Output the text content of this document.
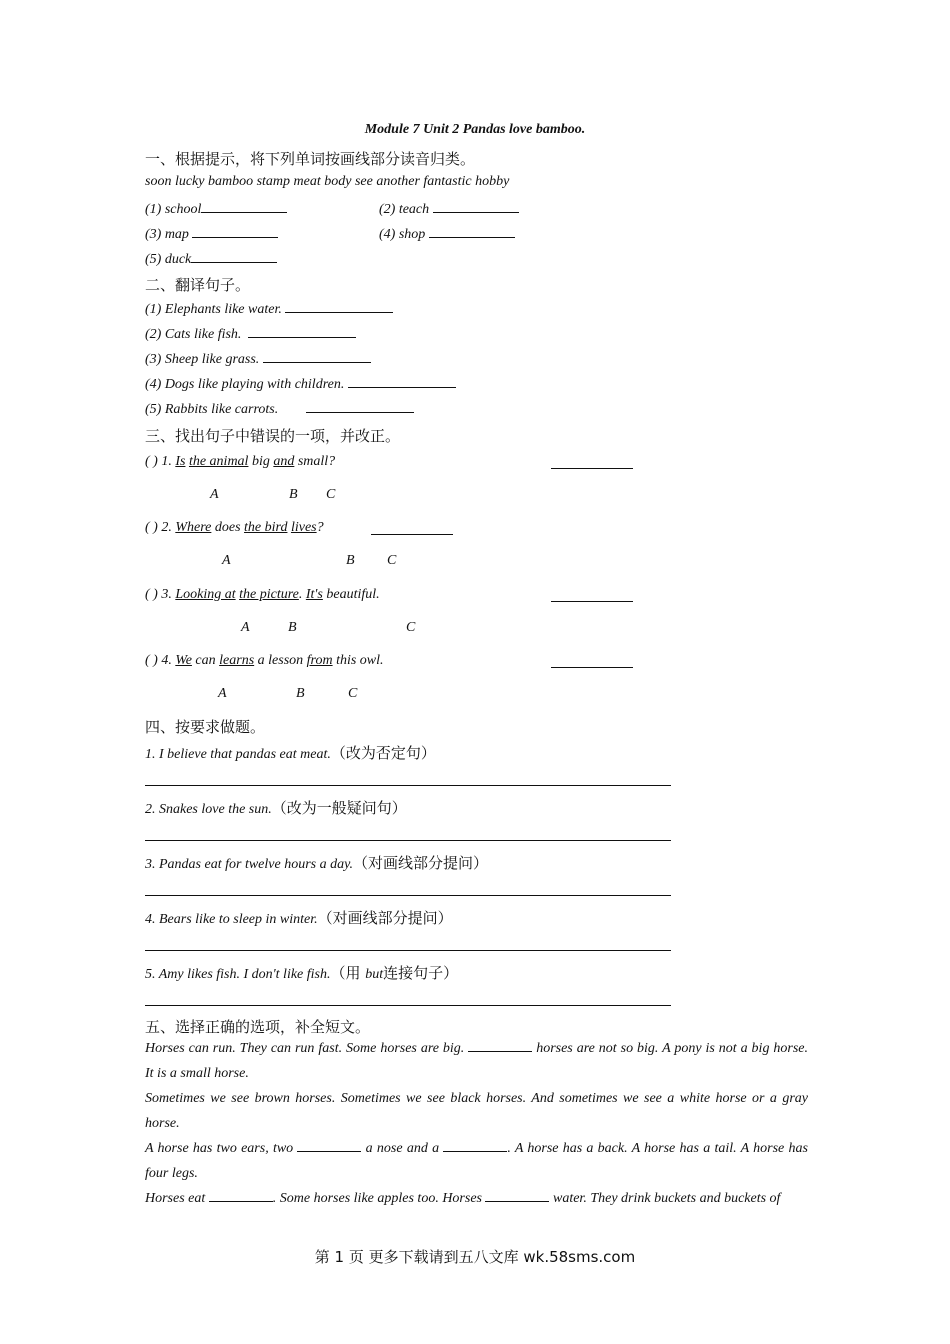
Module 7 Unit 2 Pandas love bamboo.
一、根据提示，将下列单词按画线部分读音归类。
soon lucky bamboo stamp meat body see another fantastic hobby
(1) school	(2) teach
(3) map	(4) shop
(5) duck
二、翻译句子。
(1) Elephants like water.
(2) Cats like fish.
(3) Sheep like grass.
(4) Dogs like playing with children.
(5) Rabbits like carrots.
三、找出句子中错误的一项，并改正。
( ) 1. Is the animal big and small?
A	B C
( ) 2. Where does the bird lives?
A	B C
( ) 3. Looking at the picture. It's beautiful.
A	B	C
( ) 4. We can learns a lesson from this owl.
A	B	C
四、按要求做题。
1. I believe that pandas eat meat.（改为否定句）
2. Snakes love the sun.（改为一般疑问句）
3. Pandas eat for twelve hours a day.（对画线部分提问）
4. Bears like to sleep in winter.（对画线部分提问）
5. Amy likes fish. I don't like fish.（用 but连接句子）
五、选择正确的选项，补全短文。
Horses can run. They can run fast. Some horses are big.	horses are not so big. A pony is not a big horse. It is a small horse.
Sometimes we see brown horses. Sometimes we see black horses. And sometimes we see a white horse or a gray horse.
A horse has two ears, two	a nose and a	. A horse has a back. A horse has a tail. A horse has four legs.
Horses eat	. Some horses like apples too. Horses	water. They drink buckets and buckets of
第 1 页 更多下载请到五八文库 wk.58sms.com
